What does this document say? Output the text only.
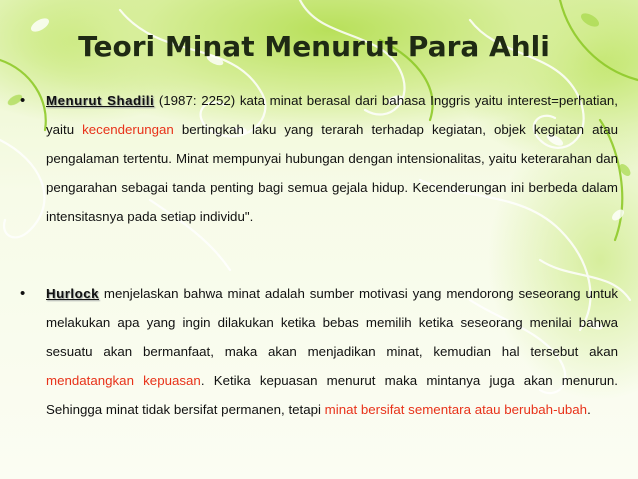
Teori Minat Menurut Para Ahli
• Menurut Shadili (1987: 2252) kata minat berasal dari bahasa Inggris yaitu interest=perhatian, yaitu kecenderungan bertingkah laku yang terarah terhadap kegiatan, objek kegiatan atau pengalaman tertentu. Minat mempunyai hubungan dengan intensionalitas, yaitu keterarahan dan pengarahan sebagai tanda penting bagi semua gejala hidup. Kecenderungan ini berbeda dalam intensitasnya pada setiap individu".

• Hurlock menjelaskan bahwa minat adalah sumber motivasi yang mendorong seseorang untuk melakukan apa yang ingin dilakukan ketika bebas memilih ketika seseorang menilai bahwa sesuatu akan bermanfaat, maka akan menjadikan minat, kemudian hal tersebut akan mendatangkan kepuasan. Ketika kepuasan menurut maka mintanya juga akan menurun. Sehingga minat tidak bersifat permanen, tetapi minat bersifat sementara atau berubah-ubah.
